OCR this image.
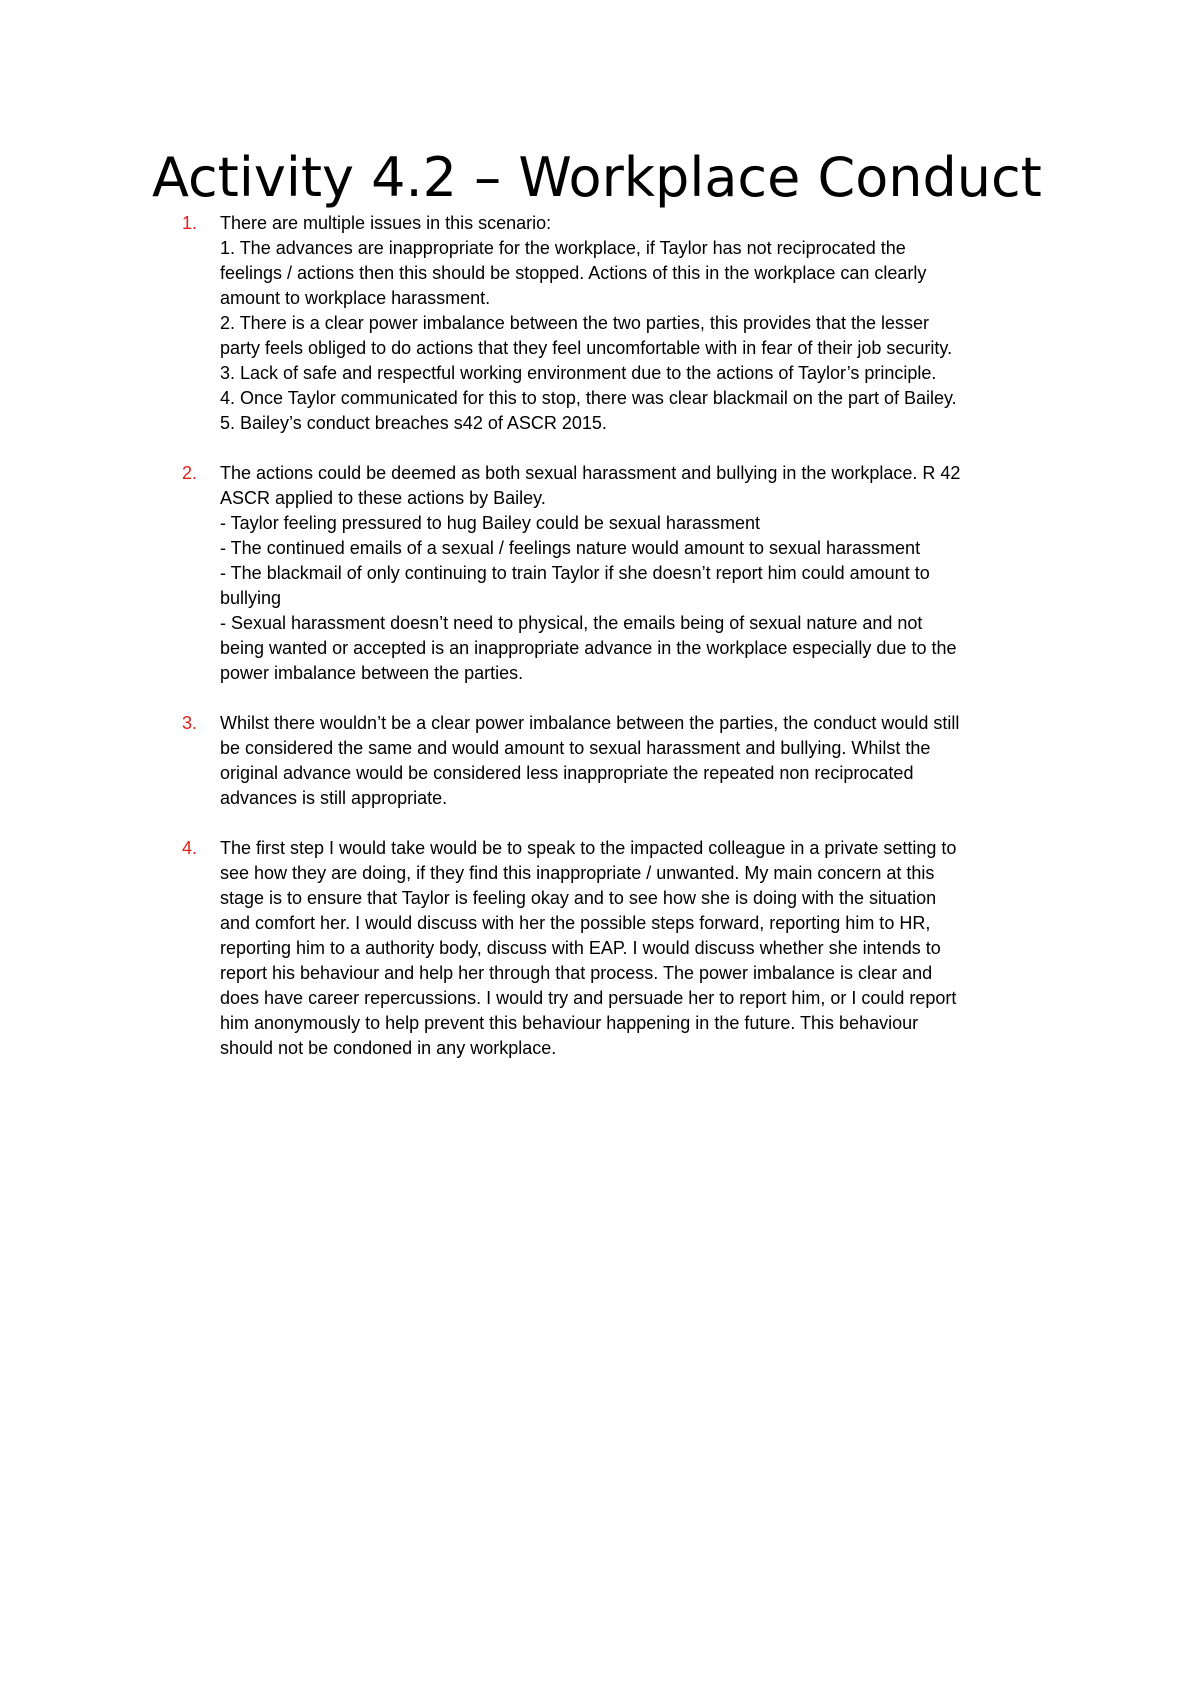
Activity 4.2 – Workplace Conduct
1. There are multiple issues in this scenario:
1. The advances are inappropriate for the workplace, if Taylor has not reciprocated the
feelings / actions then this should be stopped. Actions of this in the workplace can clearly
amount to workplace harassment.
2. There is a clear power imbalance between the two parties, this provides that the lesser
party feels obliged to do actions that they feel uncomfortable with in fear of their job security.
3. Lack of safe and respectful working environment due to the actions of Taylor’s principle.
4. Once Taylor communicated for this to stop, there was clear blackmail on the part of Bailey.
5. Bailey’s conduct breaches s42 of ASCR 2015.
2. The actions could be deemed as both sexual harassment and bullying in the workplace. R 42
ASCR applied to these actions by Bailey.
- Taylor feeling pressured to hug Bailey could be sexual harassment
- The continued emails of a sexual / feelings nature would amount to sexual harassment
- The blackmail of only continuing to train Taylor if she doesn’t report him could amount to
bullying
- Sexual harassment doesn’t need to physical, the emails being of sexual nature and not
being wanted or accepted is an inappropriate advance in the workplace especially due to the
power imbalance between the parties.
3. Whilst there wouldn’t be a clear power imbalance between the parties, the conduct would still
be considered the same and would amount to sexual harassment and bullying. Whilst the
original advance would be considered less inappropriate the repeated non reciprocated
advances is still appropriate.
4. The first step I would take would be to speak to the impacted colleague in a private setting to
see how they are doing, if they find this inappropriate / unwanted. My main concern at this
stage is to ensure that Taylor is feeling okay and to see how she is doing with the situation
and comfort her. I would discuss with her the possible steps forward, reporting him to HR,
reporting him to a authority body, discuss with EAP. I would discuss whether she intends to
report his behaviour and help her through that process. The power imbalance is clear and
does have career repercussions. I would try and persuade her to report him, or I could report
him anonymously to help prevent this behaviour happening in the future. This behaviour
should not be condoned in any workplace.
